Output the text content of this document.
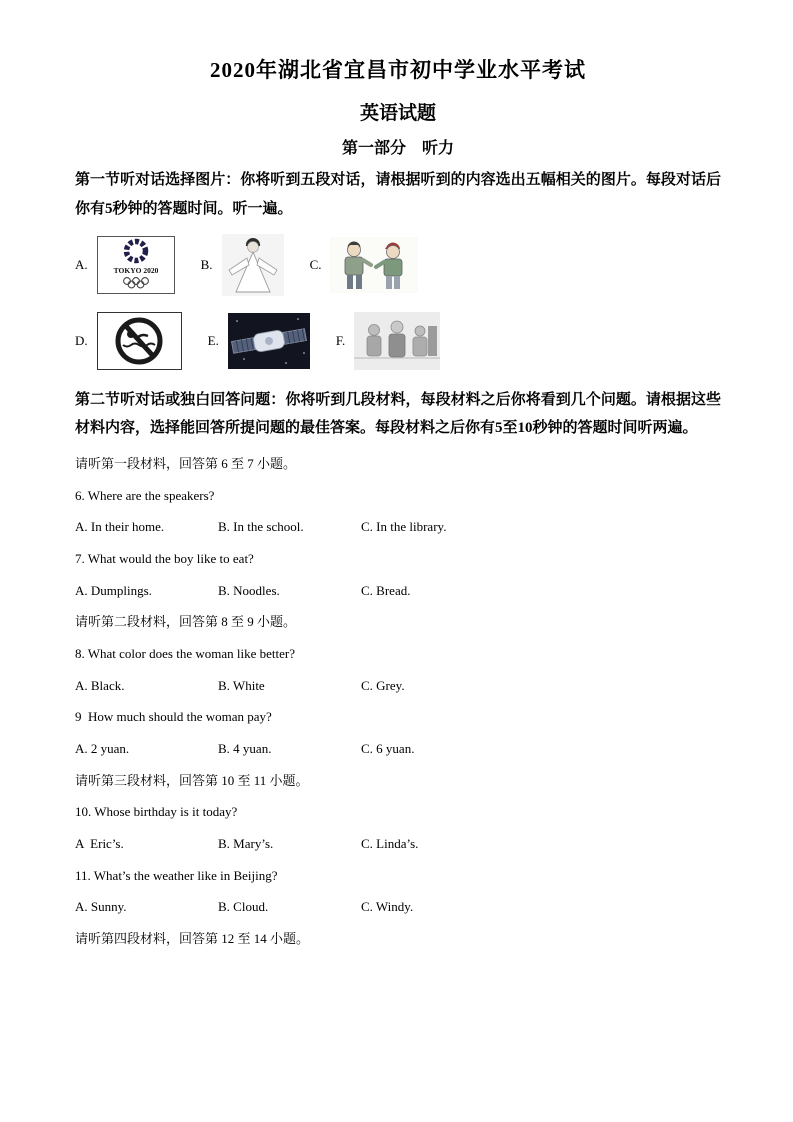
2020年湖北省宜昌市初中学业水平考试
英语试题
第一部分　听力

第一节听对话选择图片：你将听到五段对话，请根据听到的内容选出五幅相关的图片。每段对话后你有5秒钟的答题时间。听一遍。

A.	TOKYO 2020	B.	C.
D.	E.	F.

第二节听对话或独白回答问题：你将听到几段材料，每段材料之后你将看到几个问题。请根据这些材料内容，选择能回答所提问题的最佳答案。每段材料之后你有5至10秒钟的答题时间听两遍。

请听第一段材料，回答第 6 至 7 小题。

6. Where are the speakers?

A. In their home.	B. In the school.	C. In the library.

7. What would the boy like to eat?

A. Dumplings.	B. Noodles.	C. Bread.

请听第二段材料，回答第 8 至 9 小题。

8. What color does the woman like better?

A. Black.	B. White	C. Grey.

9  How much should the woman pay?

A. 2 yuan.	B. 4 yuan.	C. 6 yuan.

请听第三段材料，回答第 10 至 11 小题。

10. Whose birthday is it today?

A  Eric’s.	B. Mary’s.	C. Linda’s.

11. What’s the weather like in Beijing?

A. Sunny.	B. Cloud.	C. Windy.

请听第四段材料，回答第 12 至 14 小题。
